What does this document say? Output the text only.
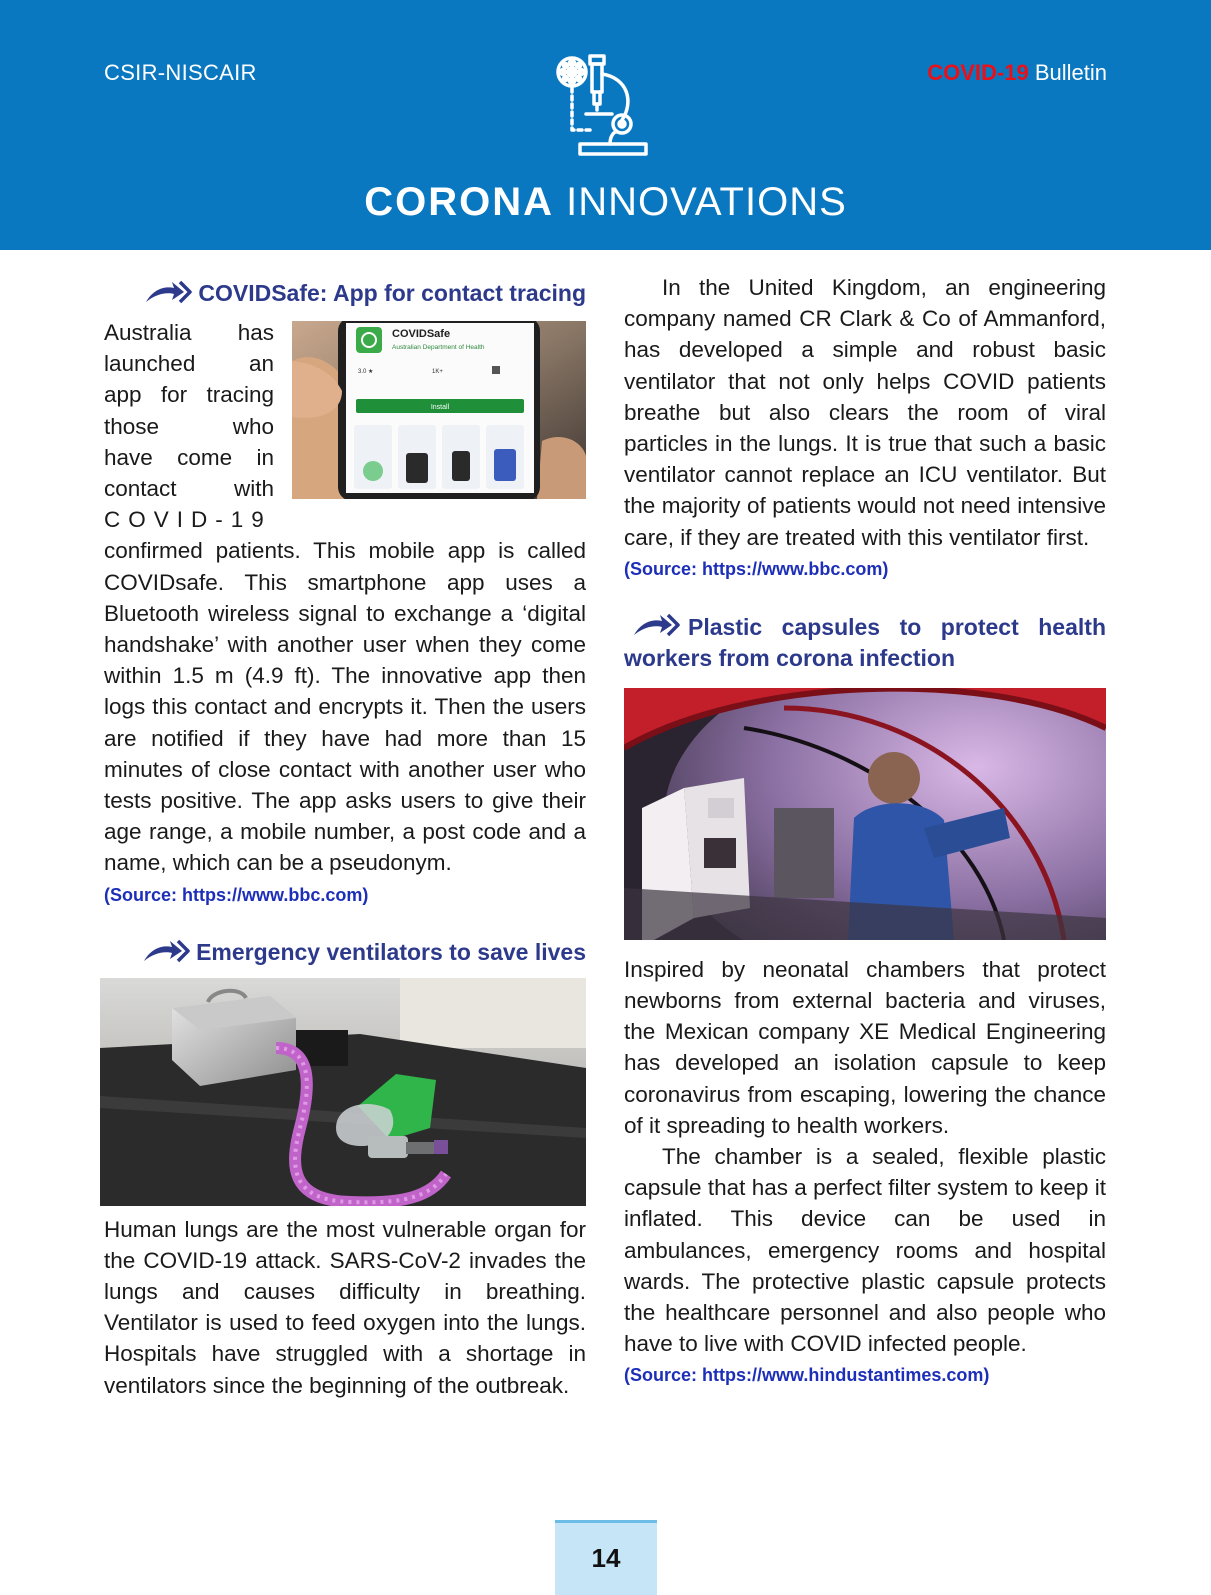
CSIR-NISCAIR	COVID-19 Bulletin
CORONA INNOVATIONS
COVIDSafe: App for contact tracing
COVIDSafe
Australian Department of Health
3.0 ★	1K+
Install

Australia has
launched an
app for tracing
those who
have come in
contact with
COVID-19

confirmed patients. This mobile app is called COVIDsafe. This smartphone app uses a Bluetooth wireless signal to exchange a ‘digital handshake’ with another user when they come within 1.5 m (4.9 ft). The innovative app then logs this contact and encrypts it. Then the users are notified if they have had more than 15 minutes of close contact with another user who tests positive. The app asks users to give their age range, a mobile number, a post code and a name, which can be a pseudonym.

(Source: https://www.bbc.com)
Emergency ventilators to save lives

Human lungs are the most vulnerable organ for the COVID-19 attack. SARS-CoV-2 invades the lungs and causes difficulty in breathing. Ventilator is used to feed oxygen into the lungs. Hospitals have struggled with a shortage in ventilators since the beginning of the outbreak.

In the United Kingdom, an engineering company named CR Clark & Co of Ammanford, has developed a simple and robust basic ventilator that not only helps COVID patients breathe but also clears the room of viral particles in the lungs. It is true that such a basic ventilator cannot replace an ICU ventilator. But the majority of patients would not need intensive care, if they are treated with this ventilator first.

(Source: https://www.bbc.com)
Plastic capsules to protect health workers from corona infection

Inspired by neonatal chambers that protect newborns from external bacteria and viruses, the Mexican company XE Medical Engineering has developed an isolation capsule to keep coronavirus from escaping, lowering the chance of it spreading to health workers.

The chamber is a sealed, flexible plastic capsule that has a perfect filter system to keep it inflated. This device can be used in ambulances, emergency rooms and hospital wards. The protective plastic capsule protects the healthcare personnel and also people who have to live with COVID infected people.

(Source: https://www.hindustantimes.com)
14
